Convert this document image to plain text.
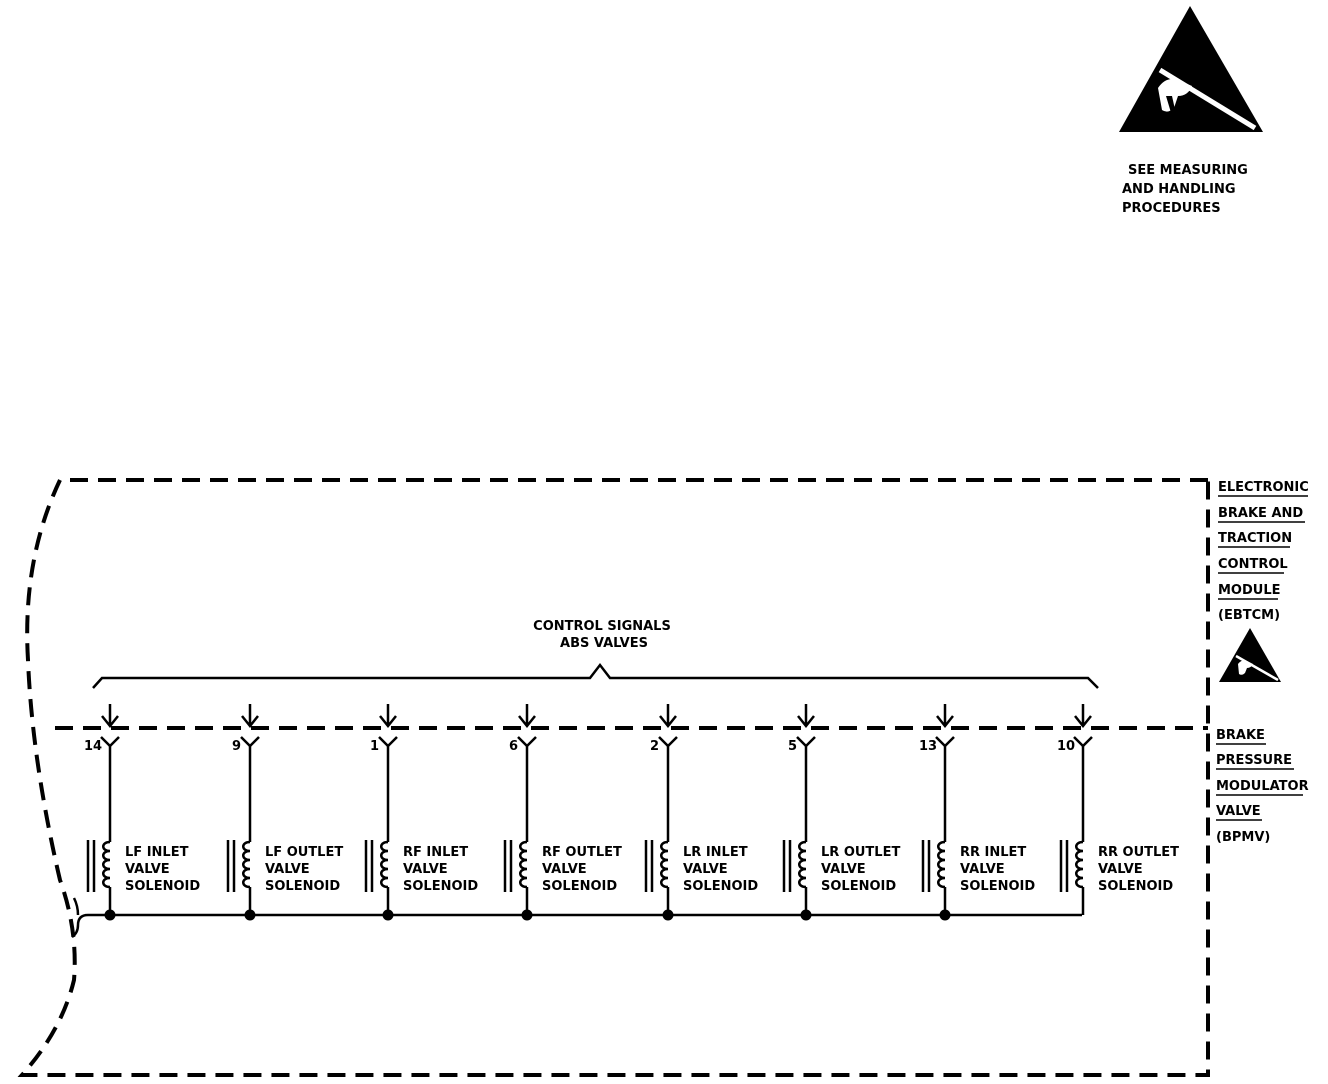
SEE MEASURING
AND HANDLING
PROCEDURES
ELECTRONIC
BRAKE AND
TRACTION
CONTROL
MODULE
(EBTCM)
BRAKE
PRESSURE
MODULATOR
VALVE
(BPMV)
CONTROL SIGNALS
ABS VALVES
14
LF INLET
VALVE
SOLENOID
9
LF OUTLET
VALVE
SOLENOID
1
RF INLET
VALVE
SOLENOID
6
RF OUTLET
VALVE
SOLENOID
2
LR INLET
VALVE
SOLENOID
5
LR OUTLET
VALVE
SOLENOID
13
RR INLET
VALVE
SOLENOID
10
RR OUTLET
VALVE
SOLENOID
